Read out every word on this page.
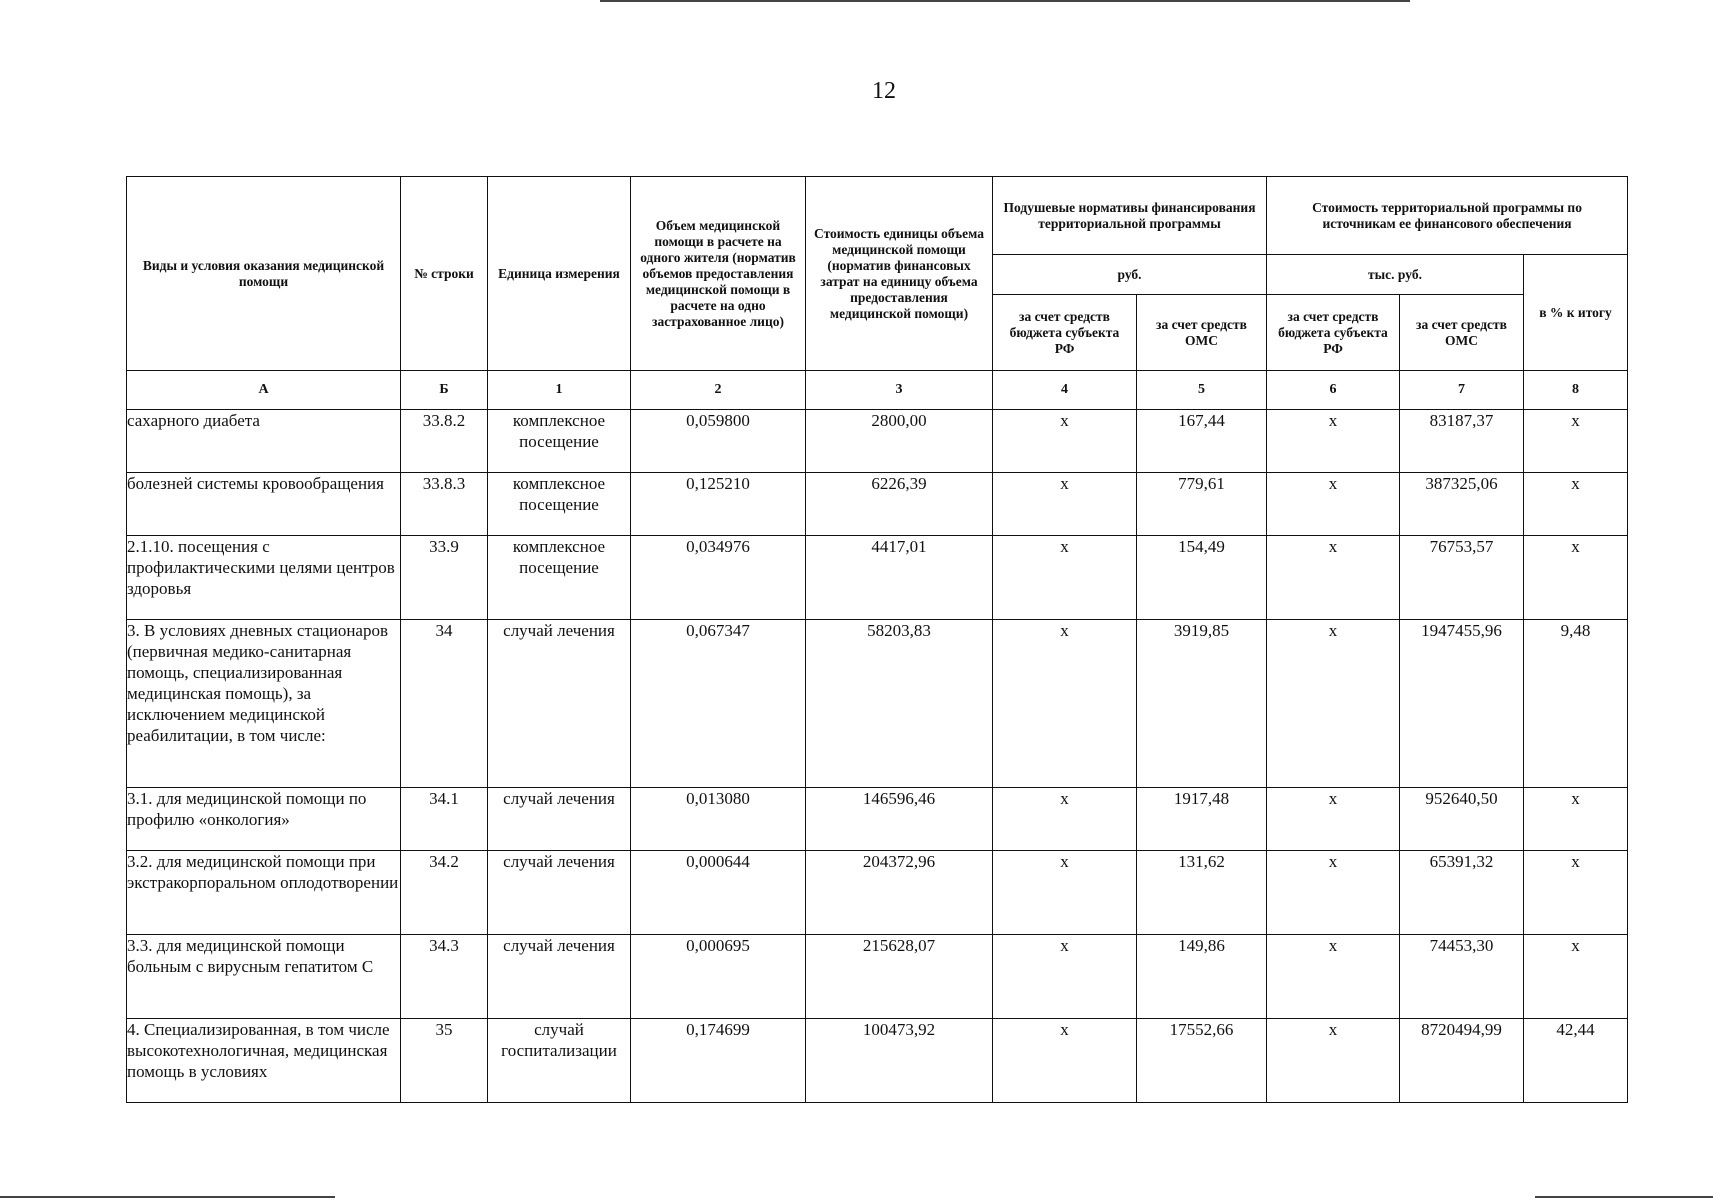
12
Виды и условия оказания медицинской помощи	№ строки	Единица измерения	Объем медицинской помощи в расчете на одного жителя (норматив объемов предоставления медицинской помощи в расчете на одно застрахованное лицо)	Стоимость единицы объема медицинской помощи (норматив финансовых затрат на единицу объема предоставления медицинской помощи)	Подушевые нормативы финансирования территориальной программы		Стоимость территориальной программы по источникам ее финансового обеспечения		
					руб.		тыс. руб.		в % к итогу
					за счет средств бюджета субъекта РФ	за счет средств ОМС	за счет средств бюджета субъекта РФ	за счет средств ОМС	
А	Б	1	2	3	4	5	6	7	8
сахарного диабета	33.8.2	комплексное посещение	0,059800	2800,00	х	167,44	х	83187,37	х
болезней системы кровообращения	33.8.3	комплексное посещение	0,125210	6226,39	х	779,61	х	387325,06	х
2.1.10. посещения с профилактическими целями центров здоровья	33.9	комплексное посещение	0,034976	4417,01	х	154,49	х	76753,57	х
3. В условиях дневных стационаров (первичная медико-санитарная помощь, специализированная медицинская помощь), за исключением медицинской реабилитации, в том числе:	34	случай лечения	0,067347	58203,83	х	3919,85	х	1947455,96	9,48
3.1. для медицинской помощи по профилю «онкология»	34.1	случай лечения	0,013080	146596,46	х	1917,48	х	952640,50	х
3.2. для медицинской помощи при экстракорпоральном оплодотворении	34.2	случай лечения	0,000644	204372,96	х	131,62	х	65391,32	х
3.3. для медицинской помощи больным с вирусным гепатитом С	34.3	случай лечения	0,000695	215628,07	х	149,86	х	74453,30	х
4. Специализированная, в том числе высокотехнологичная, медицинская помощь в условиях	35	случай госпитализации	0,174699	100473,92	х	17552,66	х	8720494,99	42,44
